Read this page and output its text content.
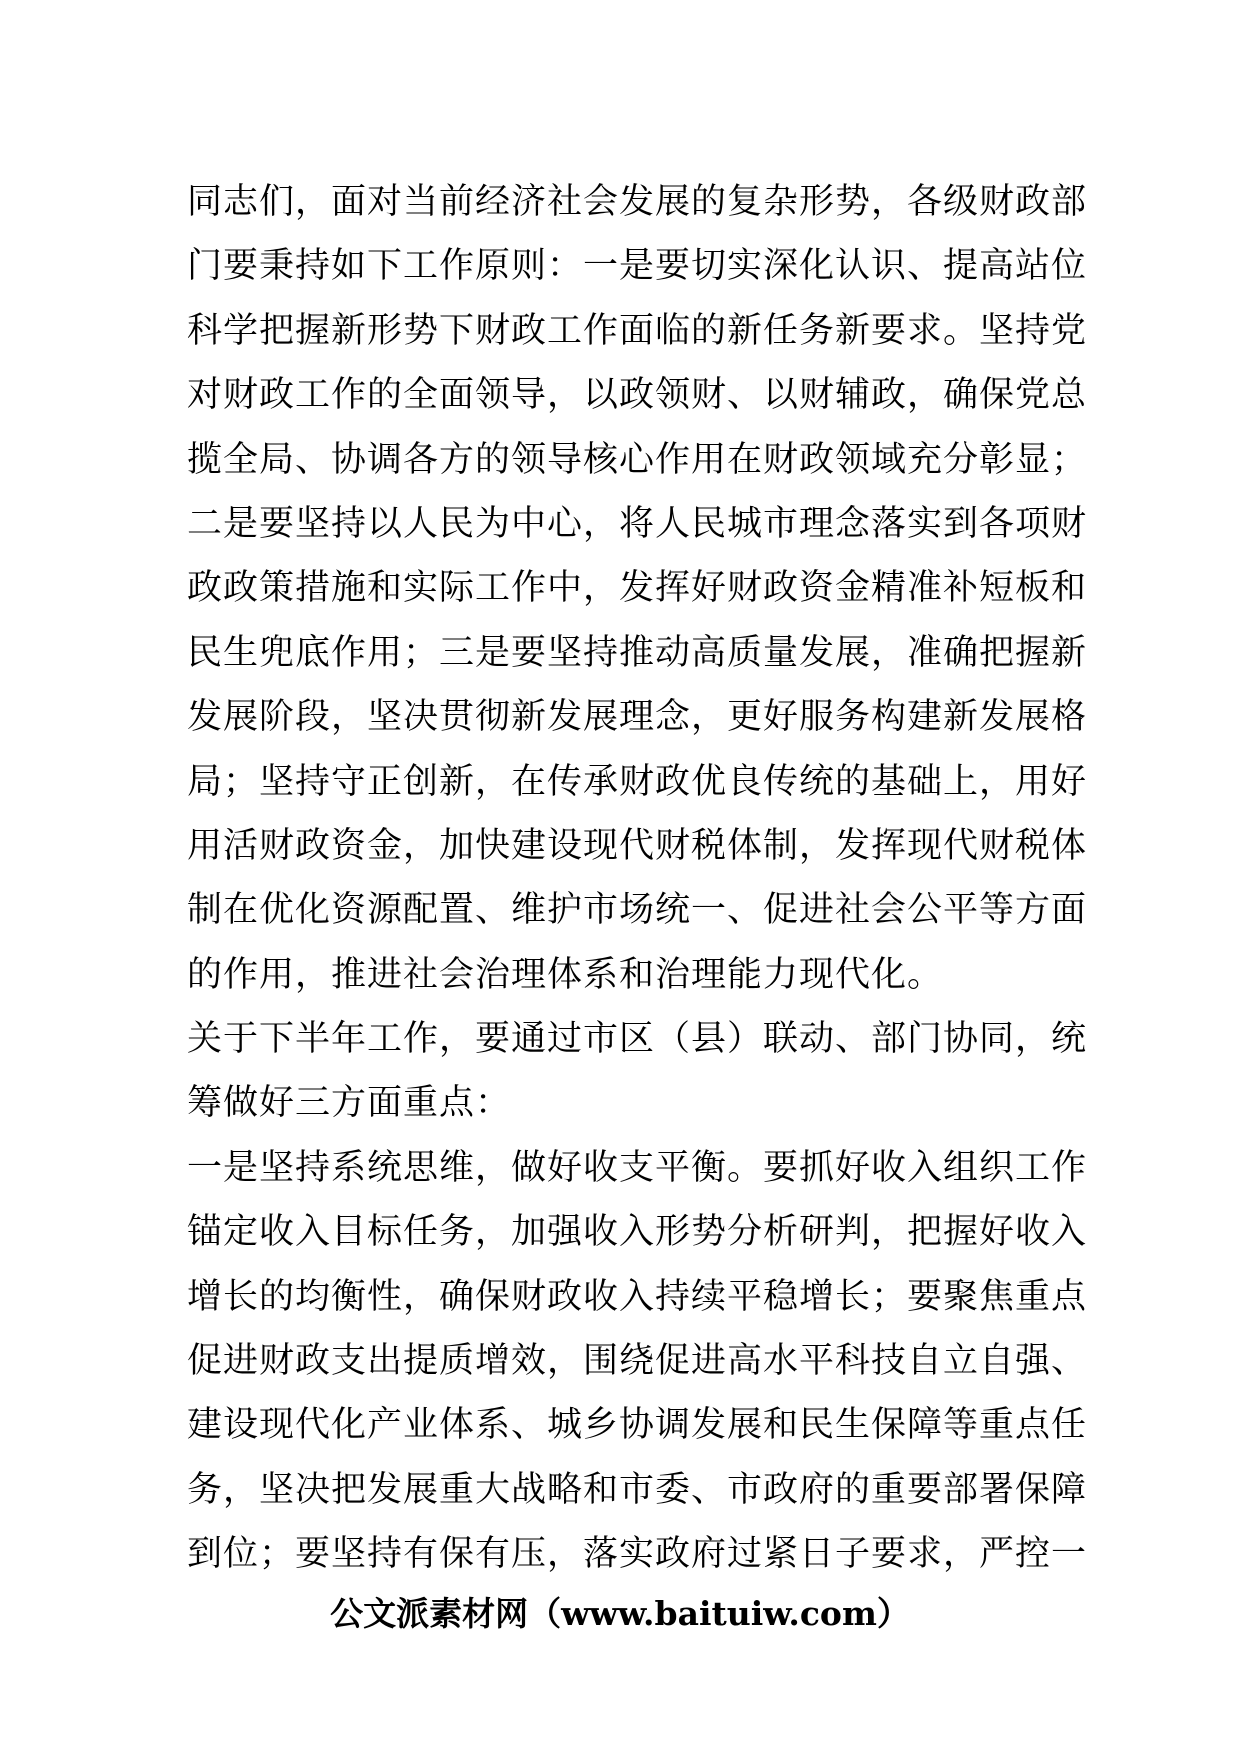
同志们，面对当前经济社会发展的复杂形势，各级财政部
门要秉持如下工作原则：一是要切实深化认识、提高站位
科学把握新形势下财政工作面临的新任务新要求。坚持党
对财政工作的全面领导，以政领财、以财辅政，确保党总
揽全局、协调各方的领导核心作用在财政领域充分彰显；
二是要坚持以人民为中心，将人民城市理念落实到各项财
政政策措施和实际工作中，发挥好财政资金精准补短板和
民生兜底作用；三是要坚持推动高质量发展，准确把握新
发展阶段，坚决贯彻新发展理念，更好服务构建新发展格
局；坚持守正创新，在传承财政优良传统的基础上，用好
用活财政资金，加快建设现代财税体制，发挥现代财税体
制在优化资源配置、维护市场统一、促进社会公平等方面
的作用，推进社会治理体系和治理能力现代化。
关于下半年工作，要通过市区（县）联动、部门协同，统
筹做好三方面重点：
一是坚持系统思维，做好收支平衡。要抓好收入组织工作
锚定收入目标任务，加强收入形势分析研判，把握好收入
增长的均衡性，确保财政收入持续平稳增长；要聚焦重点
促进财政支出提质增效，围绕促进高水平科技自立自强、
建设现代化产业体系、城乡协调发展和民生保障等重点任
务，坚决把发展重大战略和市委、市政府的重要部署保障
到位；要坚持有保有压，落实政府过紧日子要求，严控一
公文派素材网（www.baituiw.com）
